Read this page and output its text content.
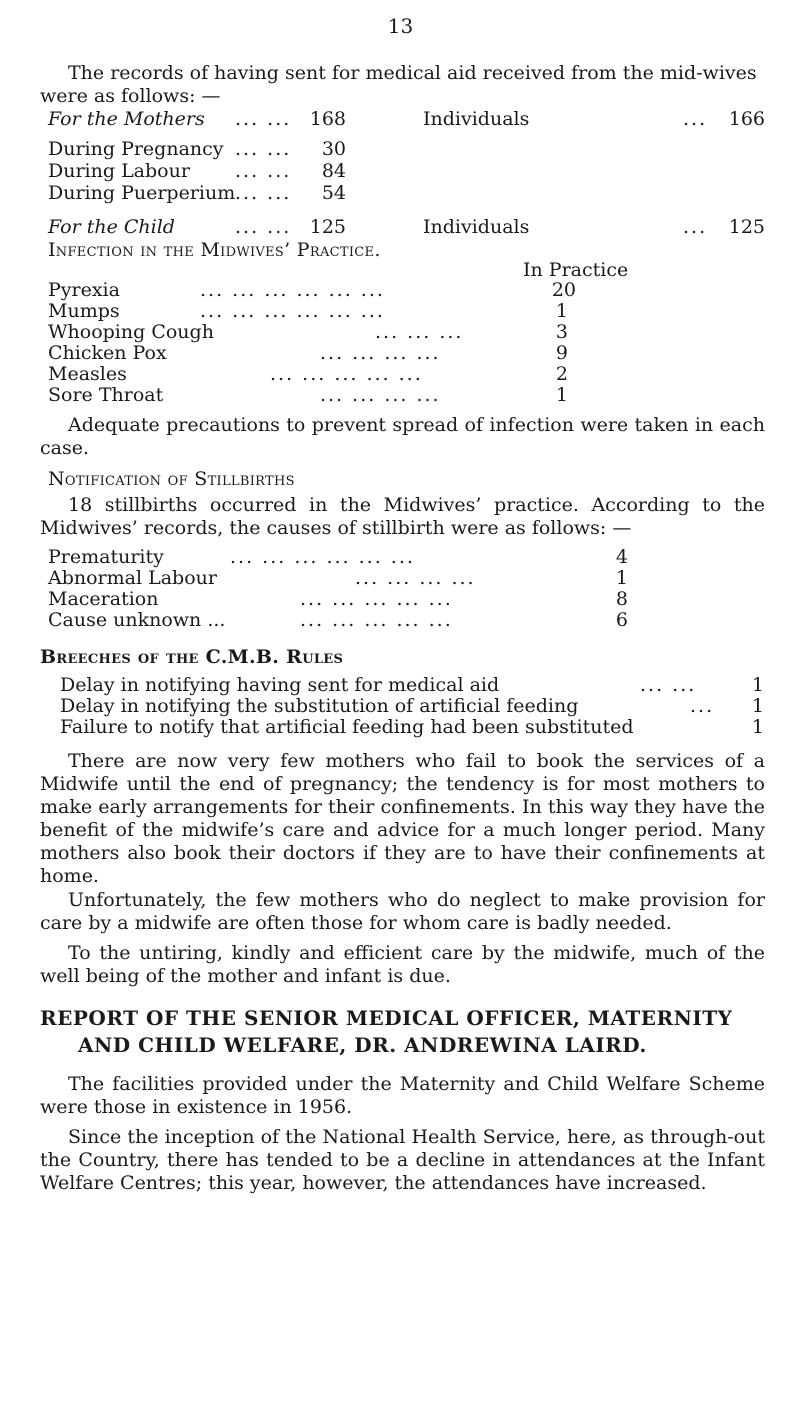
13
The records of having sent for medical aid received from the mid-wives were as follows: —
For the Mothers ... ... 168	Individuals	...	166
During Pregnancy ... ...	30
During Labour ... ...	84
During Puerperium ... ...	54
For the Child	... ... 125	Individuals	...	125
Infection in the Midwives’ Practice.
In Practice
Pyrexia	... ... ... ... ... ...	20
Mumps	... ... ... ... ... ...	1
Whooping Cough	... ... ...	3
Chicken Pox	... ... ... ...	9
Measles	... ... ... ... ...	2
Sore Throat	... ... ... ...	1
Adequate precautions to prevent spread of infection were taken in each case.
Notification of Stillbirths
18 stillbirths occurred in the Midwives’ practice. According to the Midwives’ records, the causes of stillbirth were as follows: —
Prematurity	... ... ... ... ... ...	4
Abnormal Labour	... ... ... ...	1
Maceration	... ... ... ... ...	8
Cause unknown ...	... ... ... ... ...	6
Breeches of the C.M.B. Rules
Delay in notifying having sent for medical aid	... ...	1
Delay in notifying the substitution of artificial feeding	...	1
Failure to notify that artificial feeding had been substituted	1
There are now very few mothers who fail to book the services of a Midwife until the end of pregnancy; the tendency is for most mothers to make early arrangements for their confinements. In this way they have the benefit of the midwife’s care and advice for a much longer period. Many mothers also book their doctors if they are to have their confinements at home.
Unfortunately, the few mothers who do neglect to make provision for care by a midwife are often those for whom care is badly needed.
To the untiring, kindly and efficient care by the midwife, much of the well being of the mother and infant is due.
REPORT OF THE SENIOR MEDICAL OFFICER, MATERNITY
AND CHILD WELFARE, DR. ANDREWINA LAIRD.
The facilities provided under the Maternity and Child Welfare Scheme were those in existence in 1956.
Since the inception of the National Health Service, here, as through-out the Country, there has tended to be a decline in attendances at the Infant Welfare Centres; this year, however, the attendances have increased.
